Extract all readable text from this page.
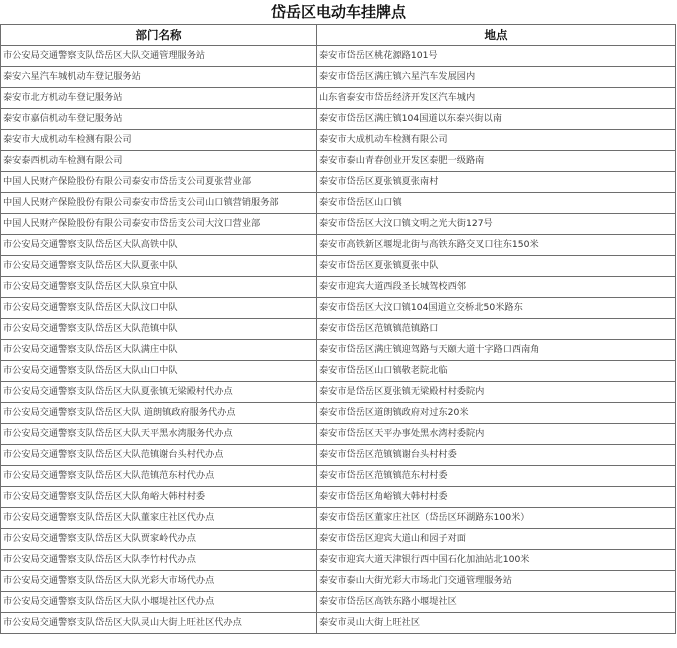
岱岳区电动车挂牌点
部门名称	地点
市公安局交通警察支队岱岳区大队交通管理服务站	泰安市岱岳区桃花源路101号
泰安六星汽车城机动车登记服务站	泰安市岱岳区满庄镇六星汽车发展园内
泰安市北方机动车登记服务站	山东省泰安市岱岳经济开发区汽车城内
泰安市嘉信机动车登记服务站	泰安市岱岳区满庄镇104国道以东泰兴街以南
泰安市大成机动车检测有限公司	泰安市大成机动车检测有限公司
泰安泰西机动车检测有限公司	泰安市泰山青春创业开发区泰肥一级路南
中国人民财产保险股份有限公司泰安市岱岳支公司夏张营业部	泰安市岱岳区夏张镇夏张南村
中国人民财产保险股份有限公司泰安市岱岳支公司山口镇营销服务部	泰安市岱岳区山口镇
中国人民财产保险股份有限公司泰安市岱岳支公司大汶口营业部	泰安市岱岳区大汶口镇文明之光大街127号
市公安局交通警察支队岱岳区大队高铁中队	泰安市高铁新区堰堤北街与高铁东路交叉口往东150米
市公安局交通警察支队岱岳区大队夏张中队	泰安市岱岳区夏张镇夏张中队
市公安局交通警察支队岱岳区大队泉宜中队	泰安市迎宾大道西段圣长城驾校西邻
市公安局交通警察支队岱岳区大队汶口中队	泰安市岱岳区大汶口镇104国道立交桥北50米路东
市公安局交通警察支队岱岳区大队范镇中队	泰安市岱岳区范镇镇范镇路口
市公安局交通警察支队岱岳区大队满庄中队	泰安市岱岳区满庄镇迎驾路与天颐大道十字路口西南角
市公安局交通警察支队岱岳区大队山口中队	泰安市岱岳区山口镇敬老院北临
市公安局交通警察支队岱岳区大队夏张镇无梁殿村代办点	泰安市是岱岳区夏张镇无梁殿村村委院内
市公安局交通警察支队岱岳区大队 道朗镇政府服务代办点	泰安市岱岳区道朗镇政府对过东20米
市公安局交通警察支队岱岳区大队天平黑水湾服务代办点	泰安市岱岳区天平办事处黑水湾村委院内
市公安局交通警察支队岱岳区大队范镇谢台头村代办点	泰安市岱岳区范镇镇谢台头村村委
市公安局交通警察支队岱岳区大队范镇范东村代办点	泰安市岱岳区范镇镇范东村村委
市公安局交通警察支队岱岳区大队角峪大韩村村委	泰安市岱岳区角峪镇大韩村村委
市公安局交通警察支队岱岳区大队董家庄社区代办点	泰安市岱岳区董家庄社区（岱岳区环湖路东100米）
市公安局交通警察支队岱岳区大队贾家岭代办点	泰安市岱岳区迎宾大道山和园子对面
市公安局交通警察支队岱岳区大队李竹村代办点	泰安市迎宾大道天津银行西中国石化加油站北100米
市公安局交通警察支队岱岳区大队光彩大市场代办点	泰安市泰山大街光彩大市场北门交通管理服务站
市公安局交通警察支队岱岳区大队小堰堤社区代办点	泰安市岱岳区高铁东路小堰堤社区
市公安局交通警察支队岱岳区大队灵山大街上旺社区代办点	泰安市灵山大街上旺社区
